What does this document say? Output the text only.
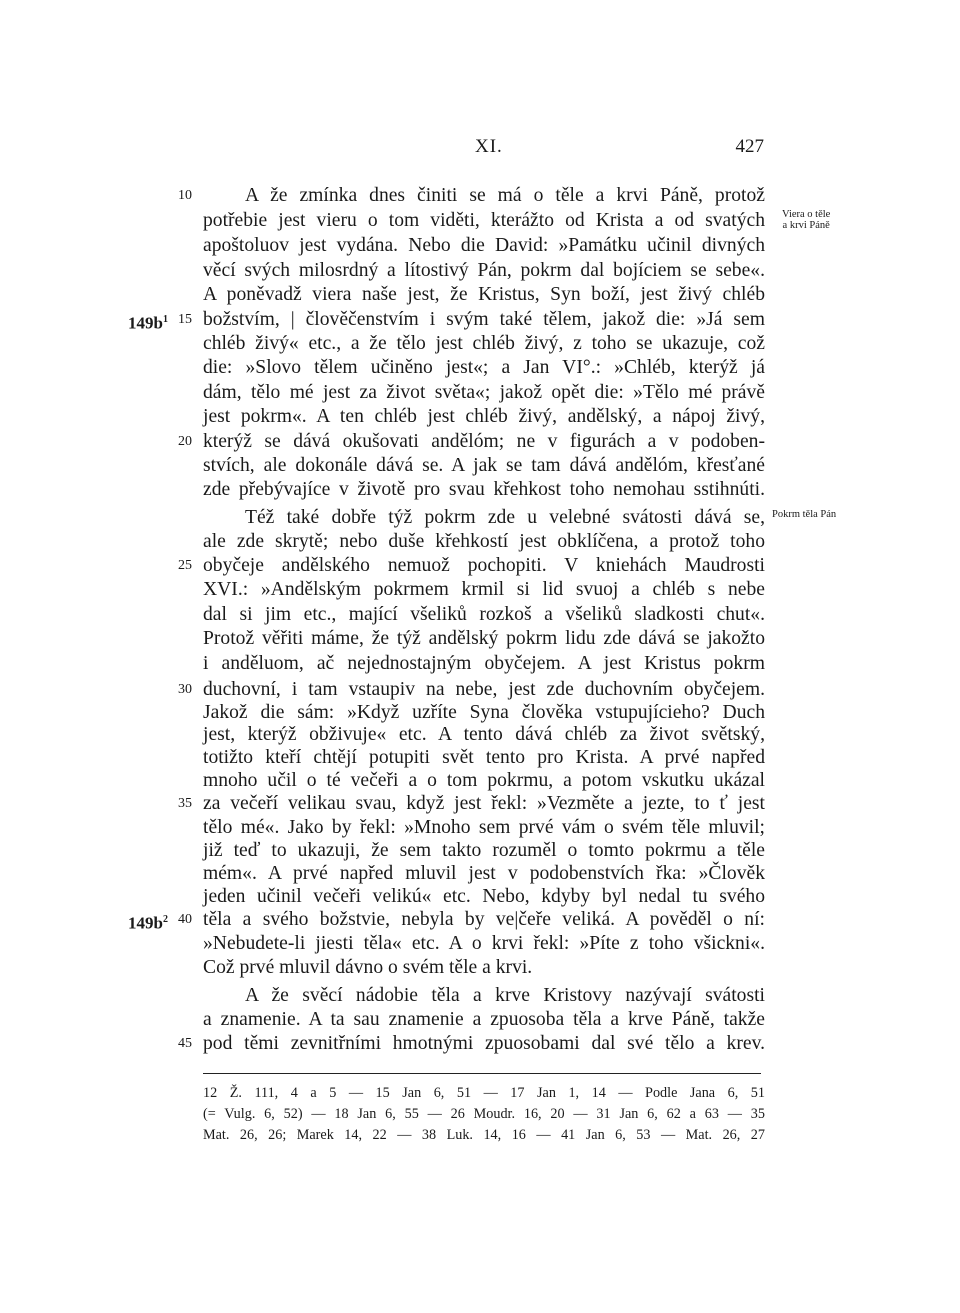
XI.	427
Viera o těle
a krvi Páně
Pokrm těla Pán
$149b^1$
$149b^2$
10
15
20
25
30
35
40
45
A že zmínka dnes činiti se má o těle a krvi Páně, protož
potřebie jest vieru o tom viděti, kterážto od Krista a od svatých
apoštoluov jest vydána. Nebo die David: »Památku učinil divných
věcí svých milosrdný a lítostivý Pán, pokrm dal bojíciem se sebe«.
A poněvadž viera naše jest, že Kristus, Syn boží, jest živý chléb
božstvím, | člověčenstvím i svým také tělem, jakož die: »Já sem
chléb živý« etc., a že tělo jest chléb živý, z toho se ukazuje, což
die: »Slovo tělem učiněno jest«; a Jan VI°.: »Chléb, kterýž já
dám, tělo mé jest za život světa«; jakož opět die: »Tělo mé právě
jest pokrm«. A ten chléb jest chléb živý, andělský, a nápoj živý,
kterýž se dává okušovati andělóm; ne v figurách a v podoben-
stvích, ale dokonále dává se. A jak se tam dává andělóm, křesťané
zde přebývajíce v životě pro svau křehkost toho nemohau sstihnúti.
Též také dobře týž pokrm zde u velebné svátosti dává se,
ale zde skrytě; nebo duše křehkostí jest obklíčena, a protož toho
obyčeje andělského nemuož pochopiti. V kniehách Maudrosti
XVI.: »Andělským pokrmem krmil si lid svuoj a chléb s nebe
dal si jim etc., mající všeliků rozkoš a všeliků sladkosti chut«.
Protož věřiti máme, že týž andělský pokrm lidu zde dává se jakožto
i anděluom, ač nejednostajným obyčejem. A jest Kristus pokrm
duchovní, i tam vstaupiv na nebe, jest zde duchovním obyčejem.
Jakož die sám: »Když uzříte Syna člověka vstupujícieho? Duch
jest, kterýž obživuje« etc. A tento dává chléb za život světský,
totižto kteří chtějí potupiti svět tento pro Krista. A prvé napřed
mnoho učil o té večeři a o tom pokrmu, a potom vskutku ukázal
za večeří velikau svau, když jest řekl: »Vezměte a jezte, to ť jest
tělo mé«. Jako by řekl: »Mnoho sem prvé vám o svém těle mluvil;
již teď to ukazuji, že sem takto rozuměl o tomto pokrmu a těle
mém«. A prvé napřed mluvil jest v podobenstvích řka: »Člověk
jeden učinil večeři velikú« etc. Nebo, kdyby byl nedal tu svého
těla a svého božstvie, nebyla by ve|čeře veliká. A pověděl o ní:
»Nebudete-li jiesti těla« etc. A o krvi řekl: »Píte z toho všickni«.
Což prvé mluvil dávno o svém těle a krvi.
A že svěcí nádobie těla a krve Kristovy nazývají svátosti
a znamenie. A ta sau znamenie a zpuosoba těla a krve Páně, takže
pod těmi zevnitřními hmotnými zpuosobami dal své tělo a krev.
12 Ž. 111, 4 a 5 — 15 Jan 6, 51 — 17 Jan 1, 14 — Podle Jana 6, 51
(= Vulg. 6, 52) — 18 Jan 6, 55 — 26 Moudr. 16, 20 — 31 Jan 6, 62 a 63 — 35
Mat. 26, 26; Marek 14, 22 — 38 Luk. 14, 16 — 41 Jan 6, 53 — Mat. 26, 27
